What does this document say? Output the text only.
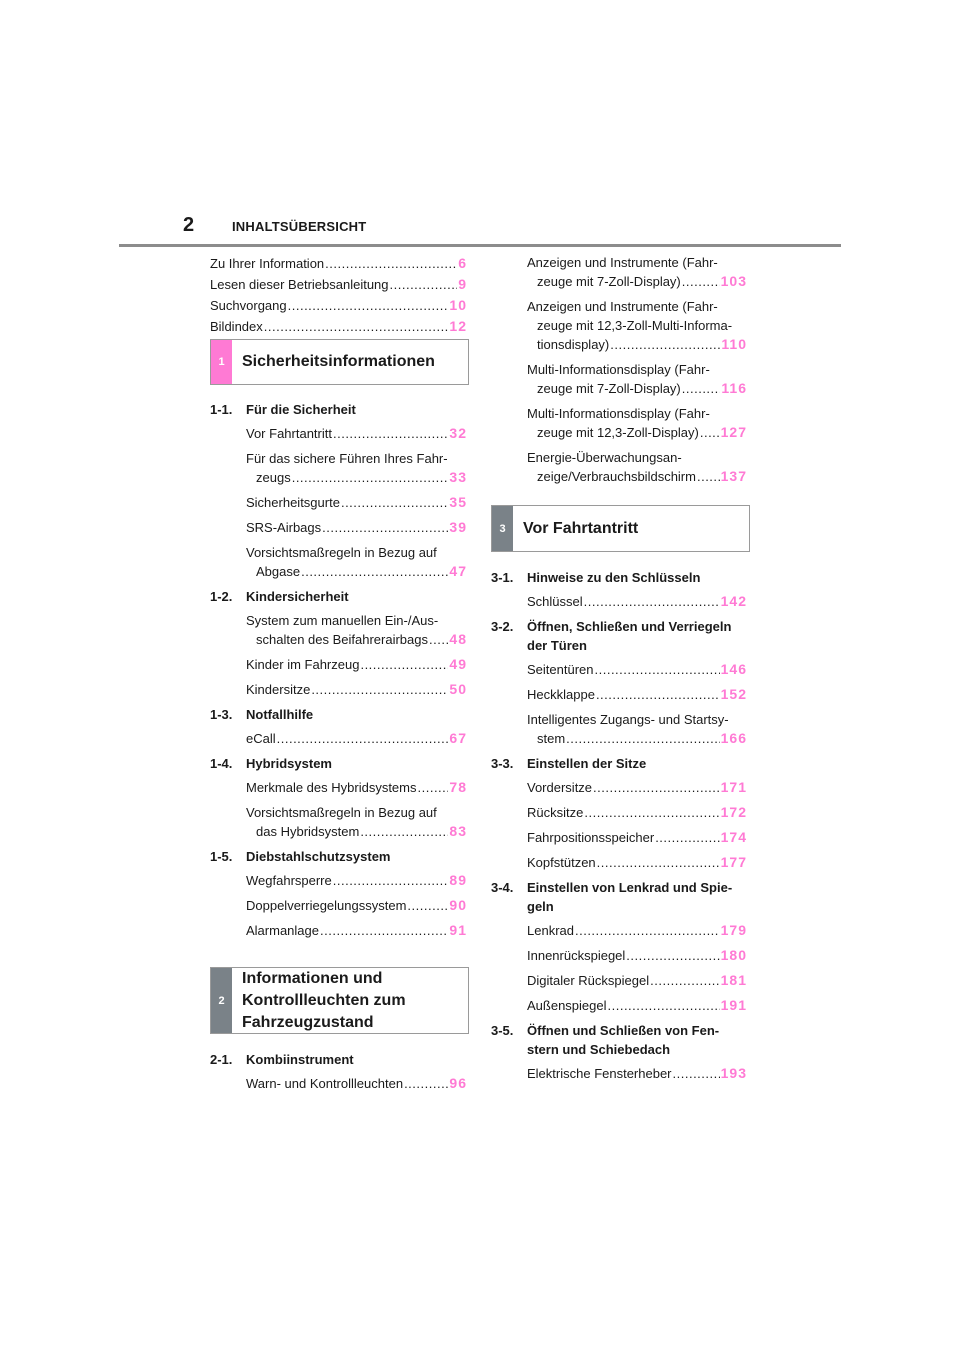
2	INHALTSÜBERSICHT
Zu Ihrer Information .....	6
Lesen dieser Betriebsanleitung .....	9
Suchvorgang .....	10
Bildindex .....	12
1	Sicherheitsinformationen
1-1.	Für die Sicherheit
Vor Fahrtantritt .....	32
Für das sichere Führen Ihres Fahr-
zeugs .....	33
Sicherheitsgurte .....	35
SRS-Airbags .....	39
Vorsichtsmaßregeln in Bezug auf
Abgase .....	47
1-2.	Kindersicherheit
System zum manuellen Ein-/Aus-
schalten des Beifahrerairbags ..... 48
Kinder im Fahrzeug .....	49
Kindersitze .....	50
1-3.	Notfallhilfe
eCall .....	67
1-4.	Hybridsystem
Merkmale des Hybridsystems ..... 78
Vorsichtsmaßregeln in Bezug auf
das Hybridsystem .....	83
1-5.	Diebstahlschutzsystem
Wegfahrsperre .....	89
Doppelverriegelungssystem .....	90
Alarmanlage .....	91
2
Informationen und
Kontrollleuchten zum
Fahrzeugzustand
2-1.	Kombiinstrument
Warn- und Kontrollleuchten .....	96
Anzeigen und Instrumente (Fahr-
zeuge mit 7-Zoll-Display) .....	103
Anzeigen und Instrumente (Fahr-
zeuge mit 12,3-Zoll-Multi-Informa-
tionsdisplay) .....	110
Multi-Informationsdisplay (Fahr-
zeuge mit 7-Zoll-Display) .....	116
Multi-Informationsdisplay (Fahr-
zeuge mit 12,3-Zoll-Display) ..... 127
Energie-Überwachungsan-
zeige/Verbrauchsbildschirm ..... 137
3	Vor Fahrtantritt
3-1.	Hinweise zu den Schlüsseln
Schlüssel .....	142
3-2.	Öffnen, Schließen und Verriegeln
der Türen
Seitentüren .....	146
Heckklappe .....	152
Intelligentes Zugangs- und Startsy-
stem .....	166
3-3.	Einstellen der Sitze
Vordersitze .....	171
Rücksitze .....	172
Fahrpositionsspeicher .....	174
Kopfstützen .....	177
3-4.	Einstellen von Lenkrad und Spie-
geln
Lenkrad .....	179
Innenrückspiegel .....	180
Digitaler Rückspiegel .....	181
Außenspiegel .....	191
3-5.	Öffnen und Schließen von Fen-
stern und Schiebedach
Elektrische Fensterheber .....	193
